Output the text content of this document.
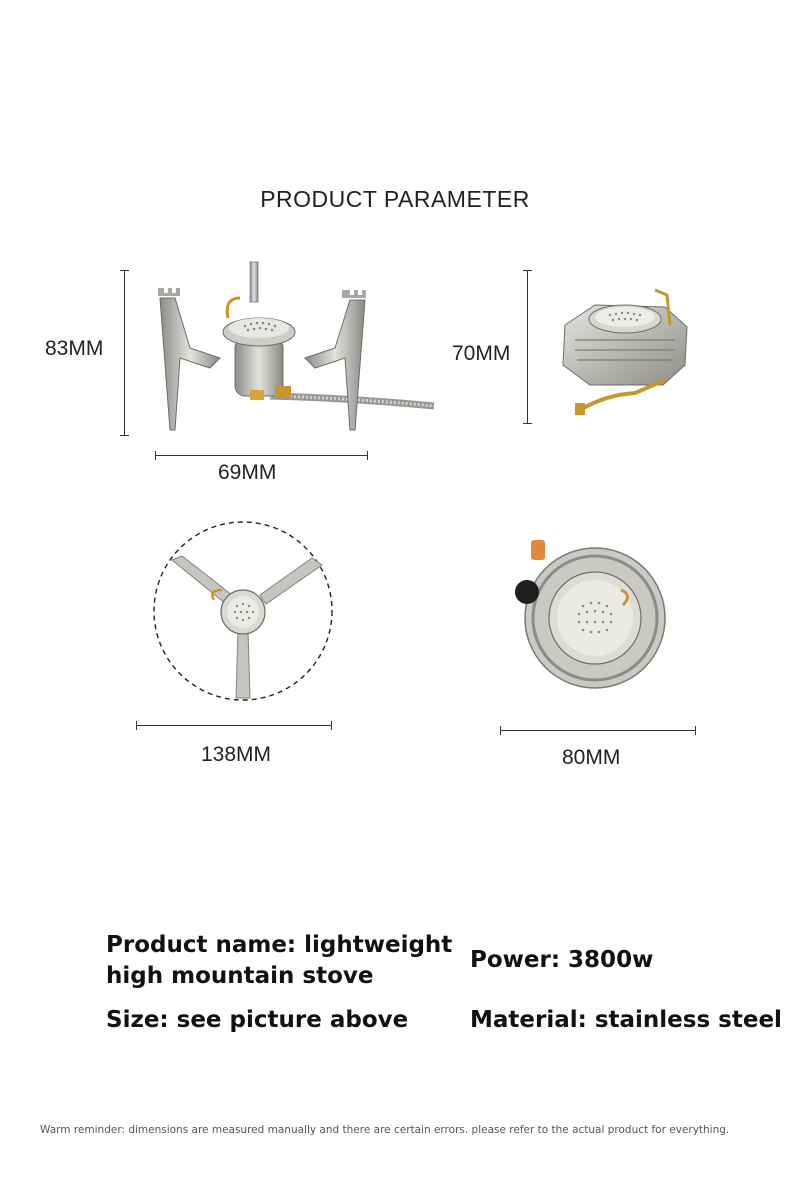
PRODUCT PARAMETER
83MM
69MM
70MM
138MM	80MM
Product name: lightweight high mountain stove
Power: 3800w
Size: see picture above	Material: stainless steel
Warm reminder: dimensions are measured manually and there are certain errors. please refer to the actual product for everything.
